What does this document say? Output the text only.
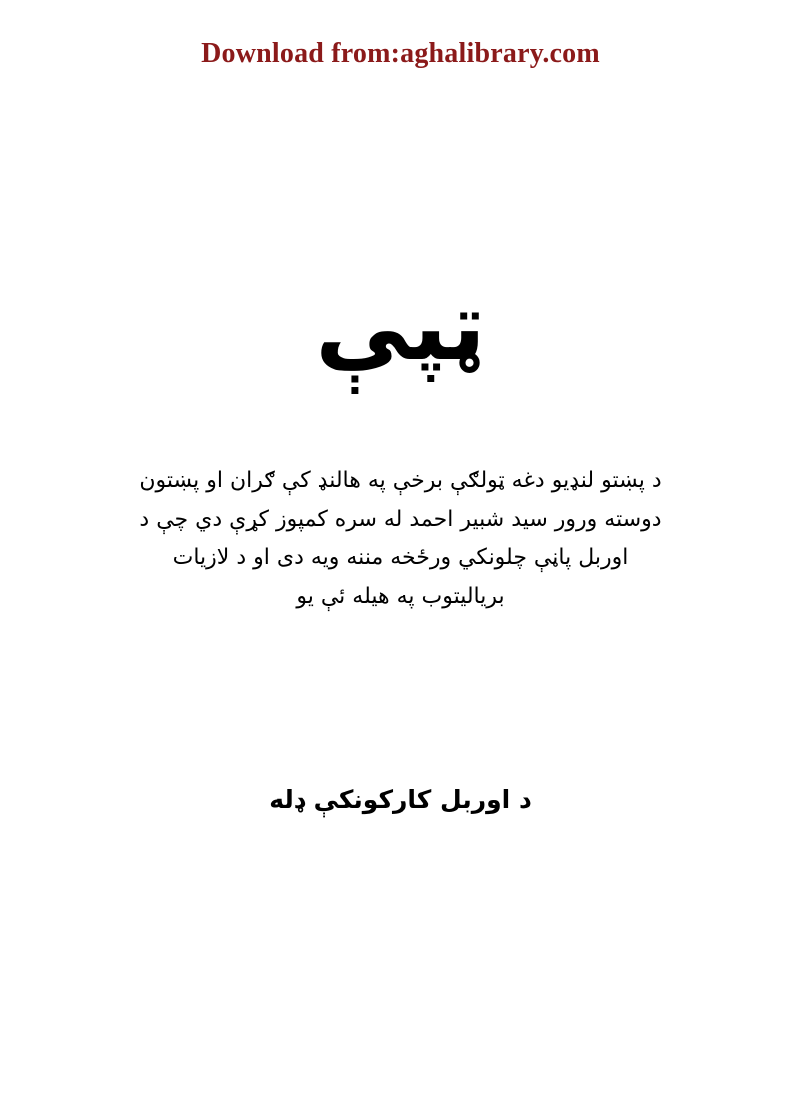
Download from:aghalibrary.com
ټپې
د پښتو لنډيو دغه ټولګې برخې په هالنډ کې ګران او پښتون
دوسته ورور سيد شبير احمد له سره کمپوز کړې دي چې د
اوربل پاڼې چلونکي ورځخه مننه ويه دی او د لازيات
برياليتوب په هيله ئې يو
د اوربل کارکونکې ډله
